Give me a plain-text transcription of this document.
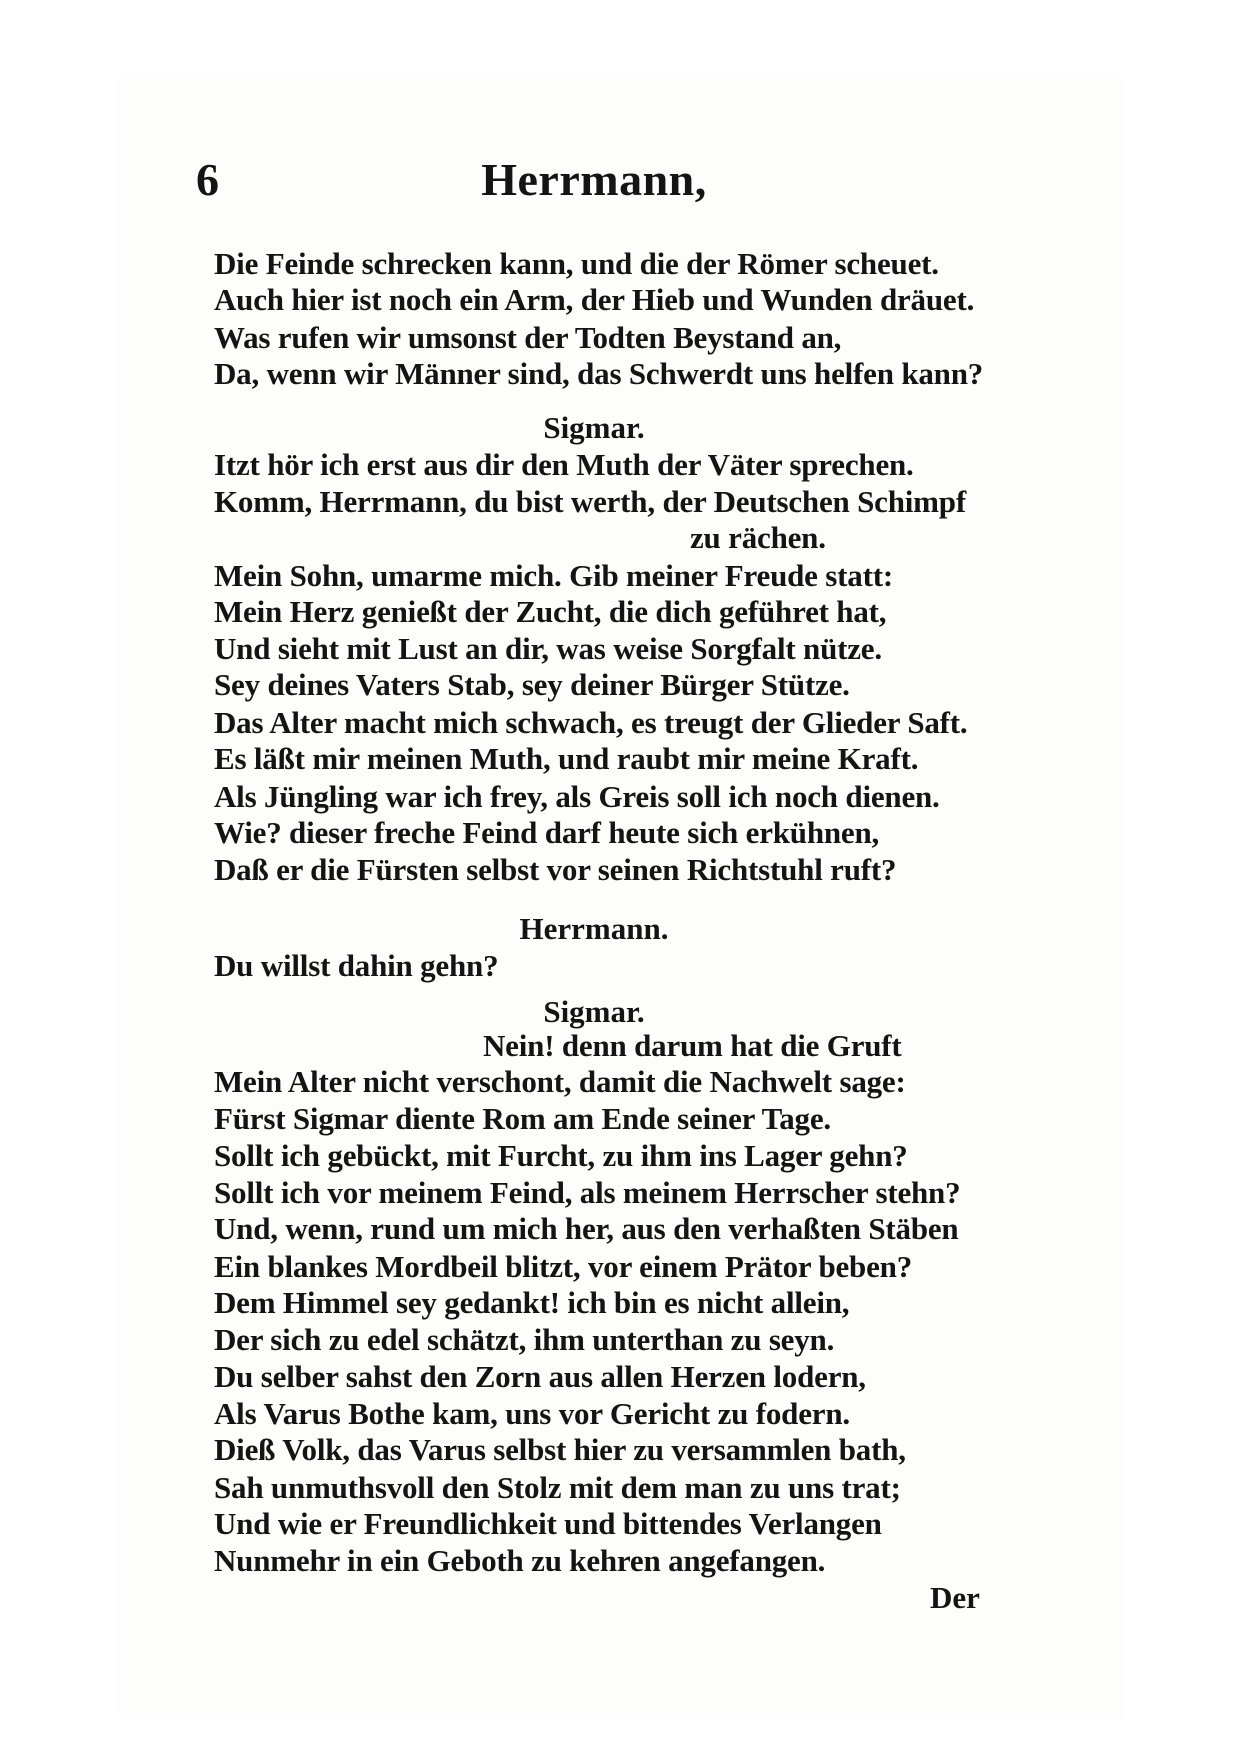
6	Herrmann,
Die Feinde schrecken kann, und die der Römer scheuet.
Auch hier ist noch ein Arm, der Hieb und Wunden dräuet.
Was rufen wir umsonst der Todten Beystand an,
Da, wenn wir Männer sind, das Schwerdt uns helfen kann?
Sigmar.
Itzt hör ich erst aus dir den Muth der Väter sprechen.
Komm, Herrmann, du bist werth, der Deutschen Schimpf
zu rächen.
Mein Sohn, umarme mich. Gib meiner Freude statt:
Mein Herz genießt der Zucht, die dich geführet hat,
Und sieht mit Lust an dir, was weise Sorgfalt nütze.
Sey deines Vaters Stab, sey deiner Bürger Stütze.
Das Alter macht mich schwach, es treugt der Glieder Saft.
Es läßt mir meinen Muth, und raubt mir meine Kraft.
Als Jüngling war ich frey, als Greis soll ich noch dienen.
Wie? dieser freche Feind darf heute sich erkühnen,
Daß er die Fürsten selbst vor seinen Richtstuhl ruft?
Herrmann.
Du willst dahin gehn?
Sigmar.
Nein! denn darum hat die Gruft
Mein Alter nicht verschont, damit die Nachwelt sage:
Fürst Sigmar diente Rom am Ende seiner Tage.
Sollt ich gebückt, mit Furcht, zu ihm ins Lager gehn?
Sollt ich vor meinem Feind, als meinem Herrscher stehn?
Und, wenn, rund um mich her, aus den verhaßten Stäben
Ein blankes Mordbeil blitzt, vor einem Prätor beben?
Dem Himmel sey gedankt! ich bin es nicht allein,
Der sich zu edel schätzt, ihm unterthan zu seyn.
Du selber sahst den Zorn aus allen Herzen lodern,
Als Varus Bothe kam, uns vor Gericht zu fodern.
Dieß Volk, das Varus selbst hier zu versammlen bath,
Sah unmuthsvoll den Stolz mit dem man zu uns trat;
Und wie er Freundlichkeit und bittendes Verlangen
Nunmehr in ein Geboth zu kehren angefangen.
Der
